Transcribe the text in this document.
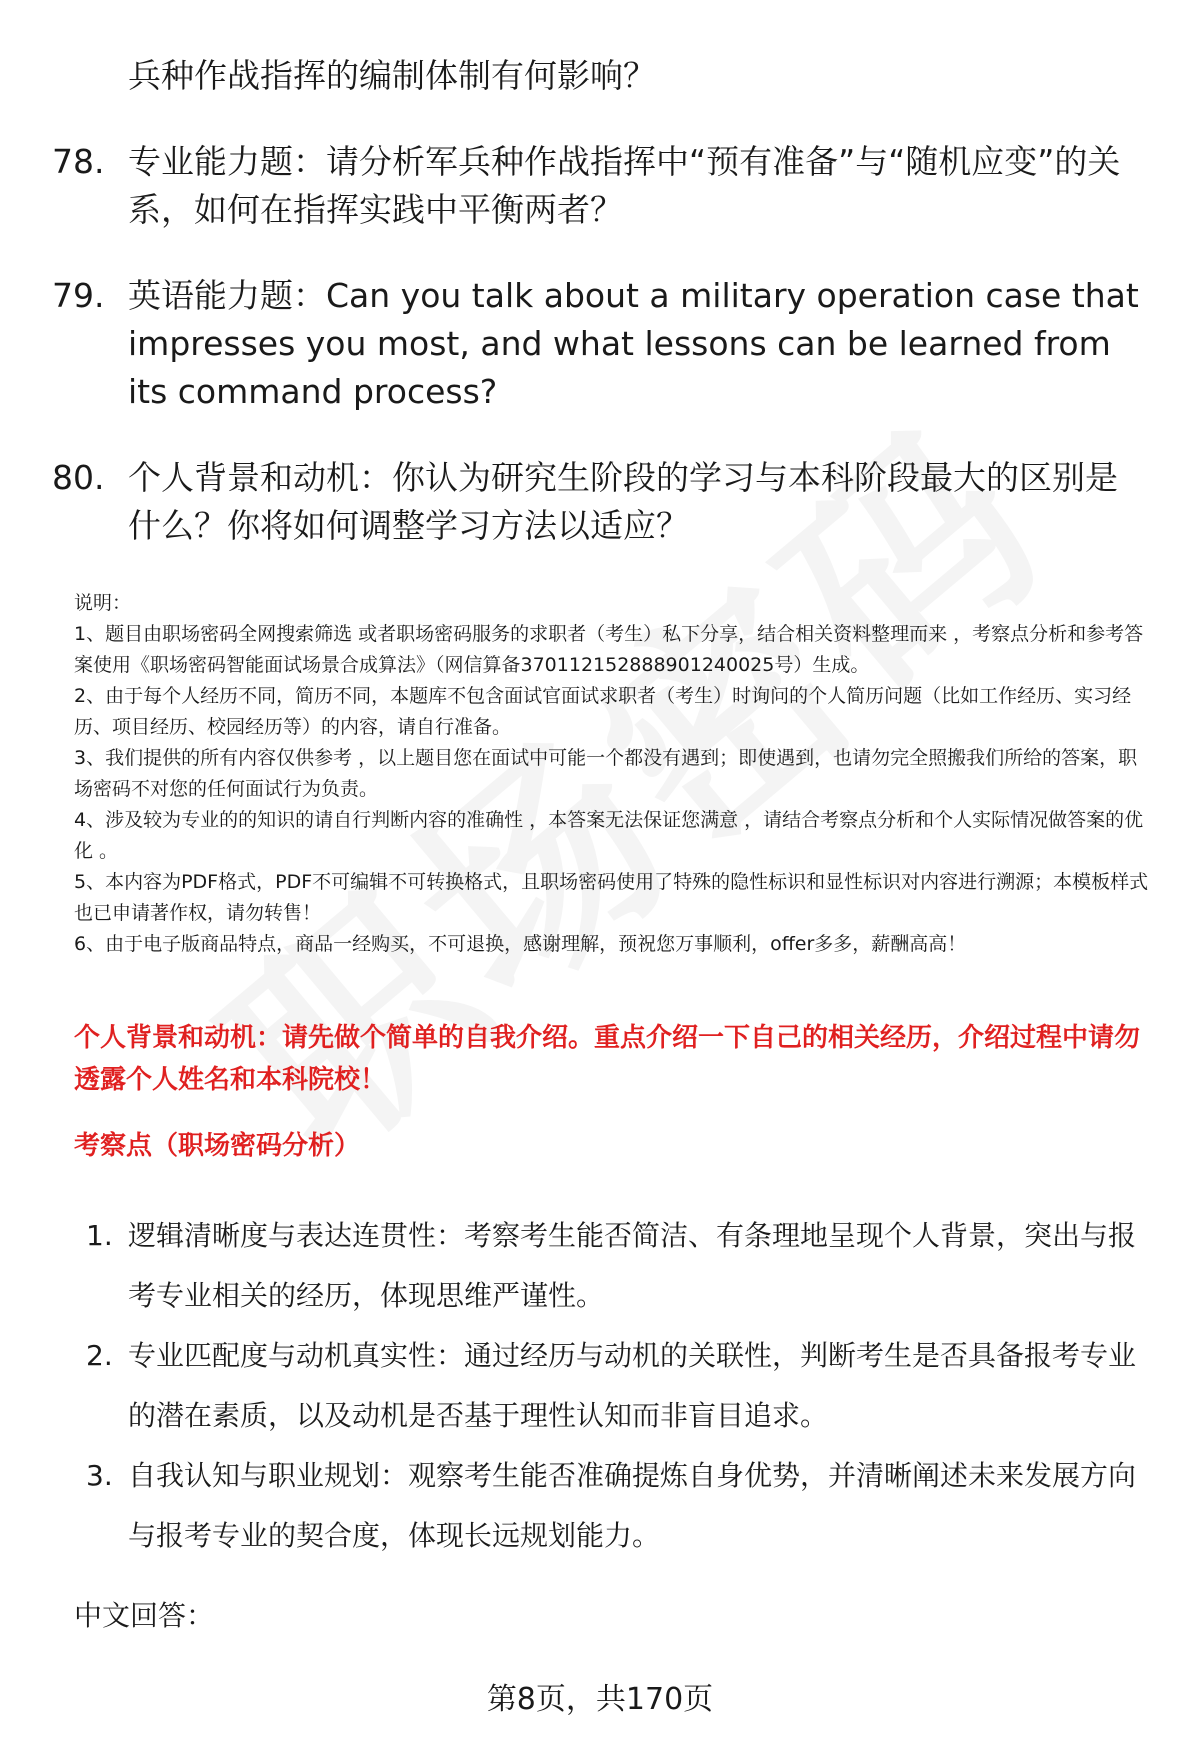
兵种作战指挥的编制体制有何影响？
78. 专业能力题：请分析军兵种作战指挥中“预有准备”与“随机应变”的关系，如何在指挥实践中平衡两者？
79. 英语能力题：Can you talk about a military operation case that impresses you most, and what lessons can be learned from its command process?
80. 个人背景和动机：你认为研究生阶段的学习与本科阶段最大的区别是什么？你将如何调整学习方法以适应？

说明：

1、题目由职场密码全网搜索筛选 或者职场密码服务的求职者（考生）私下分享，结合相关资料整理而来 ，考察点分析和参考答案使用《职场密码智能面试场景合成算法》（网信算备370112152888901240025号）生成。

2、由于每个人经历不同，简历不同，本题库不包含面试官面试求职者（考生）时询问的个人简历问题（比如工作经历、实习经历、项目经历、校园经历等）的内容，请自行准备。

3、我们提供的所有内容仅供参考 ，以上题目您在面试中可能一个都没有遇到；即使遇到，也请勿完全照搬我们所给的答案，职场密码不对您的任何面试行为负责。

4、涉及较为专业的的知识的请自行判断内容的准确性 ，本答案无法保证您满意 ，请结合考察点分析和个人实际情况做答案的优化 。

5、本内容为PDF格式，PDF不可编辑不可转换格式，且职场密码使用了特殊的隐性标识和显性标识对内容进行溯源；本模板样式也已申请著作权，请勿转售！

6、由于电子版商品特点，商品一经购买，不可退换，感谢理解，预祝您万事顺利，offer多多，薪酬高高！

个人背景和动机：请先做个简单的自我介绍。重点介绍一下自己的相关经历，介绍过程中请勿透露个人姓名和本科院校！
考察点（职场密码分析）
1. 逻辑清晰度与表达连贯性：考察考生能否简洁、有条理地呈现个人背景，突出与报考专业相关的经历，体现思维严谨性。
2. 专业匹配度与动机真实性：通过经历与动机的关联性，判断考生是否具备报考专业的潜在素质，以及动机是否基于理性认知而非盲目追求。
3. 自我认知与职业规划：观察考生能否准确提炼自身优势，并清晰阐述未来发展方向与报考专业的契合度，体现长远规划能力。
中文回答：
第8页，共170页
